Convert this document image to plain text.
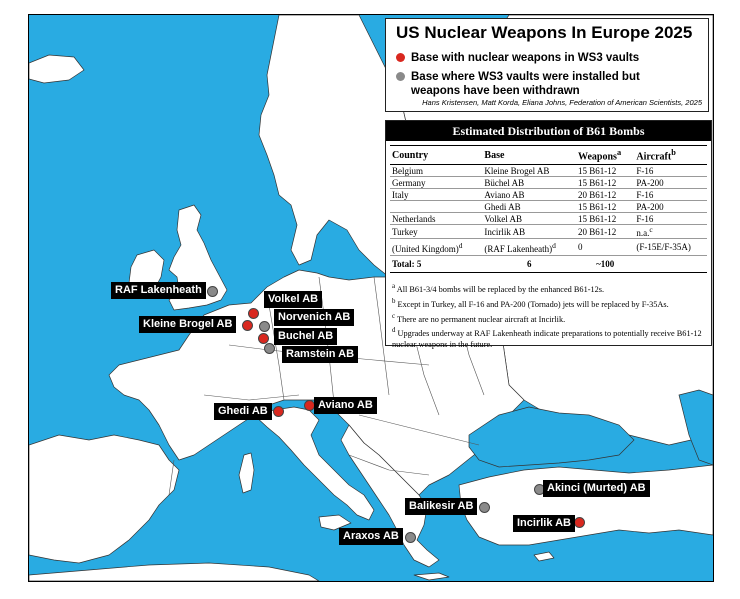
RAF Lakenheath
Volkel AB
Norvenich AB
Kleine Brogel AB
Buchel AB
Ramstein AB
Ghedi AB	Aviano AB
Akinci (Murted) AB
Balikesir AB
Incirlik AB
Araxos AB
US Nuclear Weapons In Europe 2025
Base with nuclear weapons in WS3 vaults
Base where WS3 vaults were installed but
weapons have been withdrawn
Hans Kristensen, Matt Korda, Eliana Johns, Federation of American Scientists, 2025
Estimated Distribution of B61 Bombs
Country	Base	Weapons$^a$	Aircraft$^b$
Belgium	Kleine Brogel AB	15 B61-12	F-16
Germany	Büchel AB	15 B61-12	PA-200
Italy	Aviano AB	20 B61-12	F-16
	Ghedi AB	15 B61-12	PA-200
Netherlands	Volkel AB	15 B61-12	F-16
Turkey	Incirlik AB	20 B61-12	n.a.$^c$
(United Kingdom)$^d$	(RAF Lakenheath)$^d$	0	(F-15E/F-35A)
Total: 5	6	~100	
$^a$ All B61-3/4 bombs will be replaced by the enhanced B61-12s.
$^b$ Except in Turkey, all F-16 and PA-200 (Tornado) jets will be replaced by F-35As.
$^c$ There are no permanent nuclear aircraft at Incirlik.
$^d$ Upgrades underway at RAF Lakenheath indicate preparations to potentially receive B61-12 nuclear weapons in the future.
